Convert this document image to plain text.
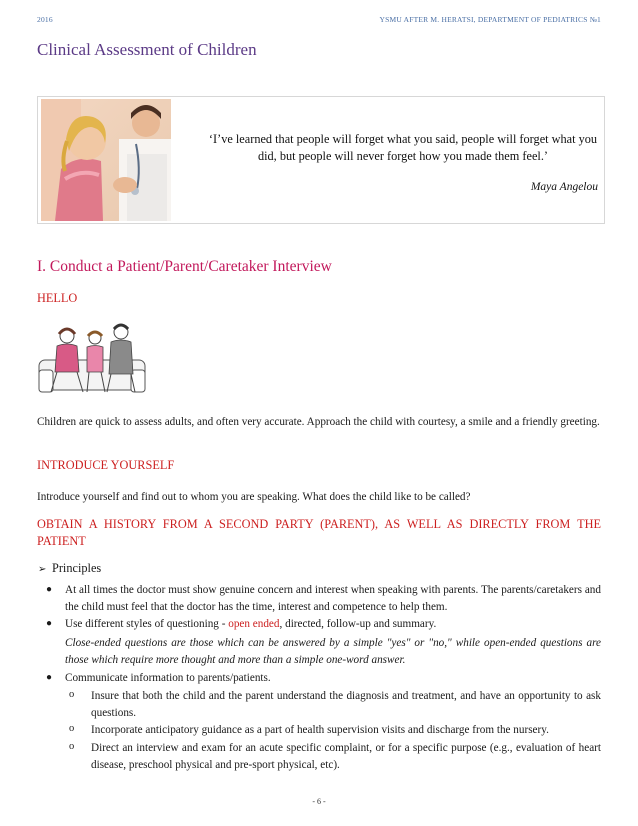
2016	YSMU AFTER M. HERATSI, DEPARTMENT OF PEDIATRICS №1
Clinical Assessment of Children
‘I’ve learned that people will forget what you said, people will forget what you did, but people will never forget how you made them feel.’
Maya Angelou
I. Conduct a Patient/Parent/Caretaker Interview
HELLO

Children are quick to assess adults, and often very accurate. Approach the child with courtesy, a smile and a friendly greeting.

INTRODUCE YOURSELF

Introduce yourself and find out to whom you are speaking. What does the child like to be called?

OBTAIN A HISTORY FROM A SECOND PARTY (PARENT), AS WELL AS DIRECTLY FROM THE PATIENT
➢ Principles
● At all times the doctor must show genuine concern and interest when speaking with parents. The parents/caretakers and the child must feel that the doctor has the time, interest and competence to help them.
● Use different styles of questioning - open ended, directed, follow-up and summary.
Close-ended questions are those which can be answered by a simple "yes" or "no," while open-ended questions are those which require more thought and more than a simple one-word answer.
● Communicate information to parents/patients.
o Insure that both the child and the parent understand the diagnosis and treatment, and have an opportunity to ask questions.
o Incorporate anticipatory guidance as a part of health supervision visits and discharge from the nursery.
o Direct an interview and exam for an acute specific complaint, or for a specific purpose (e.g., evaluation of heart disease, preschool physical and pre-sport physical, etc).
- 6 -
